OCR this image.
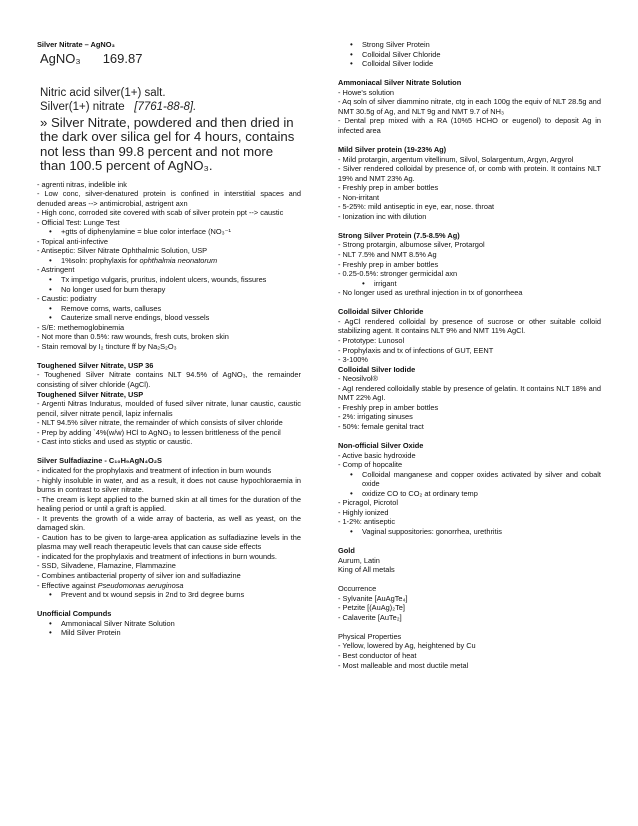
Silver Nitrate – AgNO₃

AgNO₃ 169.87
Nitric acid silver(1+) salt.
Silver(1+) nitrate [7761-88-8].
» Silver Nitrate, powdered and then dried in the dark over silica gel for 4 hours, contains not less than 99.8 percent and not more than 100.5 percent of AgNO₃.

- agrenti nitras, indelible ink

- Low conc, silver-denatured protein is confined in interstitial spaces and denuded areas --> antimicrobial, astrigent axn

- High conc, corroded site covered with scab of silver protein ppt --> caustic

- Official Test: Lunge Test

• +gtts of diphenylamine = blue color interface (NO₃⁻¹

- Topical anti-infective

- Antiseptic: Silver Nitrate Ophthalmic Solution, USP

• 1%soln: prophylaxis for ophthalmia neonatorum

- Astringent

• Tx impetigo vulgaris, pruritus, indolent ulcers, wounds, fissures
• No longer used for burn therapy

- Caustic: podiatry

• Remove corns, warts, calluses
• Cauterize small nerve endings, blood vessels

- S/E: methemoglobinemia

- Not more than 0.5%: raw wounds, fresh cuts, broken skin

- Stain removal by I₂ tincture ff by Na₂S₂O₃

Toughened Silver Nitrate, USP 36

- Toughened Silver Nitrate contains NLT 94.5% of AgNO₃, the remainder consisting of silver chloride (AgCl).

Toughened Silver Nitrate, USP

- Argenti Nitras Induratus, moulded of fused silver nitrate, lunar caustic, caustic pencil, silver nitrate pencil, lapiz infernalis

- NLT 94.5% silver nitrate, the remainder of which consists of silver chloride

- Prep by adding `4%(w/w) HCl to AgNO₃ to lessen brittleness of the pencil

- Cast into sticks and used as styptic or caustic.

Silver Sulfadiazine - C₁₀H₉AgN₄O₂S

- indicated for the prophylaxis and treatment of infection in burn wounds

- highly insoluble in water, and as a result, it does not cause hypochloraemia in burns in contrast to silver nitrate.

- The cream is kept applied to the burned skin at all times for the duration of the healing period or until a graft is applied.

- It prevents the growth of a wide array of bacteria, as well as yeast, on the damaged skin.

- Caution has to be given to large-area application as sulfadiazine levels in the plasma may well reach therapeutic levels that can cause side effects

- indicated for the prophylaxis and treatment of infections in burn wounds.

- SSD, Silvadene, Flamazine, Flammazine

- Combines antibacterial property of silver ion and sulfadiazine

- Effective against Pseudomonas aeruginosa

• Prevent and tx wound sepsis in 2nd to 3rd degree burns

Unofficial Compunds

• Ammoniacal Silver Nitrate Solution
• Mild Silver Protein
• Strong Silver Protein
• Colloidal Silver Chloride
• Colloidal Silver Iodide

Ammoniacal Silver Nitrate Solution

- Howe's solution

- Aq soln of silver diammino nitrate, ctg in each 100g the equiv of NLT 28.5g and NMT 30.5g of Ag, and NLT 9g and NMT 9.7 of NH₃

- Dental prep mixed with a RA (10%5 HCHO or eugenol) to deposit Ag in infected area

Mild Silver protein (19-23% Ag)

- Mild protargin, argentum vitellinum, Silvol, Solargentum, Argyn, Argyrol

- Silver rendered colloidal by presence of, or comb with protein. It contains NLT 19% and NMT 23% Ag.

- Freshly prep in amber bottles

- Non-irritant

- 5-25%: mild antiseptic in eye, ear, nose. throat

- Ionization inc with dilution

Strong Silver Protein (7.5-8.5% Ag)

- Strong protargin, albumose silver, Protargol

- NLT 7.5% and NMT 8.5% Ag

- Freshly prep in amber bottles

- 0.25-0.5%: stronger germicidal axn

• irrigant

- No longer used as urethral injection in tx of gonorrheea

Colloidal Silver Chloride

- AgCl rendered colloidal by presence of sucrose or other suitable colloid stabilizing agent. It contains NLT 9% and NMT 11% AgCl.

- Prototype: Lunosol

- Prophylaxis and tx of infections of GUT, EENT

- 3-100%

Colloidal Silver Iodide

- Neosilvol®

- AgI rendered colloidally stable by presence of gelatin. It contains NLT 18% and NMT 22% AgI.

- Freshly prep in amber bottles

- 2%: irrigating sinuses

- 50%: female genital tract

Non-official Silver Oxide

- Active basic hydroxide

- Comp of hopcalite

• Colloidal manganese and copper oxides activated by silver and cobalt oxide
• oxidize CO to CO₂ at ordinary temp

- Picragol, Picrotol

- Highly ionized

- 1-2%: antiseptic

• Vaginal suppositories: gonorrhea, urethritis

Gold

Aurum, Latin

King of All metals

Occurrence

- Sylvanite [AuAgTe₄]

- Petzite [(AuAg)₂Te]

- Calaverite [AuTe₂]

Physical Properties

- Yellow, lowered by Ag, heightened by Cu

- Best conductor of heat

- Most malleable and most ductile metal
